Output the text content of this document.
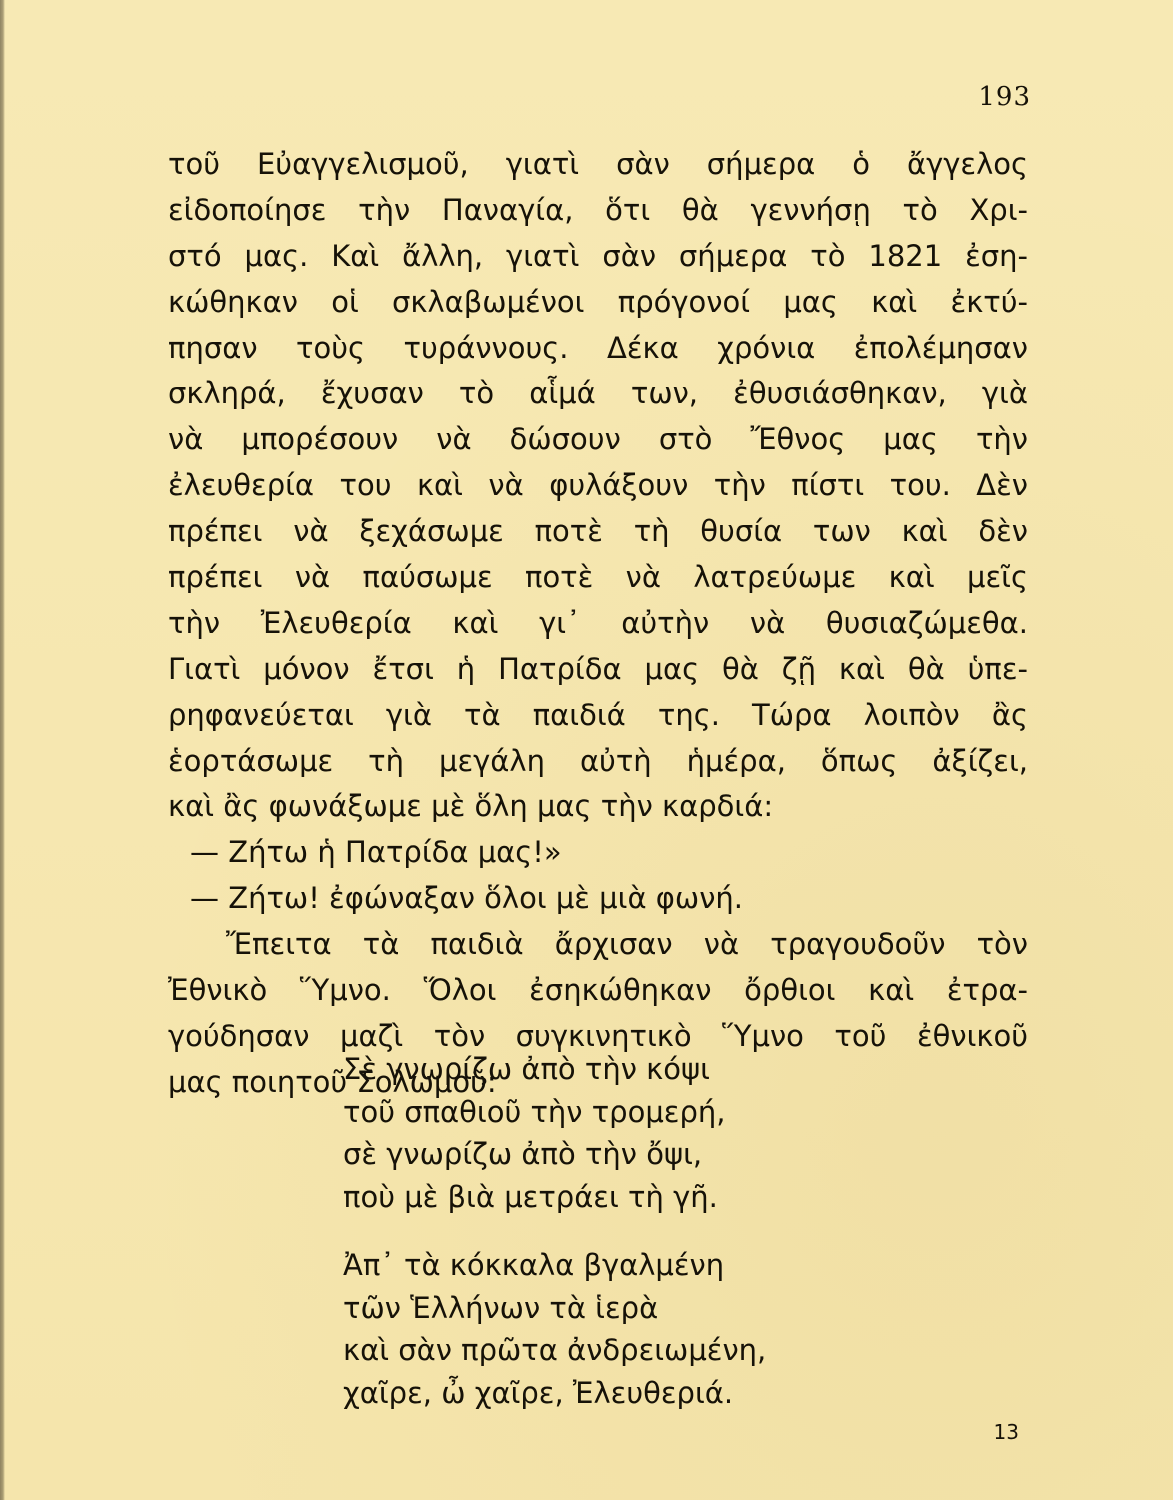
193
τοῦ Εὐαγγελισμοῦ, γιατὶ σὰν σήμερα ὁ ἄγγελος
εἰδοποίησε τὴν Παναγία, ὅτι θὰ γεννήσῃ τὸ Χρι-
στό μας. Καὶ ἄλλη, γιατὶ σὰν σήμερα τὸ 1821 ἐση-
κώθηκαν οἱ σκλαβωμένοι πρόγονοί μας καὶ ἐκτύ-
πησαν τοὺς τυράννους. Δέκα χρόνια ἐπολέμησαν
σκληρά, ἔχυσαν τὸ αἷμά των, ἐθυσιάσθηκαν, γιὰ
νὰ μπορέσουν νὰ δώσουν στὸ Ἔθνος μας τὴν
ἐλευθερία του καὶ νὰ φυλάξουν τὴν πίστι του. Δὲν
πρέπει νὰ ξεχάσωμε ποτὲ τὴ θυσία των καὶ δὲν
πρέπει νὰ παύσωμε ποτὲ νὰ λατρεύωμε καὶ μεῖς
τὴν Ἐλευθερία καὶ γι᾽ αὐτὴν νὰ θυσιαζώμεθα.
Γιατὶ μόνον ἔτσι ἡ Πατρίδα μας θὰ ζῇ καὶ θὰ ὑπε-
ρηφανεύεται γιὰ τὰ παιδιά της. Τώρα λοιπὸν ἂς
ἑορτάσωμε τὴ μεγάλη αὐτὴ ἡμέρα, ὅπως ἀξίζει,
καὶ ἂς φωνάξωμε μὲ ὅλη μας τὴν καρδιά:
— Ζήτω ἡ Πατρίδα μας!»
— Ζήτω! ἐφώναξαν ὅλοι μὲ μιὰ φωνή.
Ἔπειτα τὰ παιδιὰ ἄρχισαν νὰ τραγουδοῦν τὸν
Ἐθνικὸ Ὕμνο. Ὅλοι ἐσηκώθηκαν ὄρθιοι καὶ ἐτρα-
γούδησαν μαζὶ τὸν συγκινητικὸ Ὕμνο τοῦ ἐθνικοῦ
μας ποιητοῦ Σολωμοῦ:
Σὲ γνωρίζω ἀπὸ τὴν κόψι
τοῦ σπαθιοῦ τὴν τρομερή,
σὲ γνωρίζω ἀπὸ τὴν ὄψι,
ποὺ μὲ βιὰ μετράει τὴ γῆ.
Ἀπ᾽ τὰ κόκκαλα βγαλμένη
τῶν Ἑλλήνων τὰ ἱερὰ
καὶ σὰν πρῶτα ἀνδρειωμένη,
χαῖρε, ὦ χαῖρε, Ἐλευθεριά.
13
